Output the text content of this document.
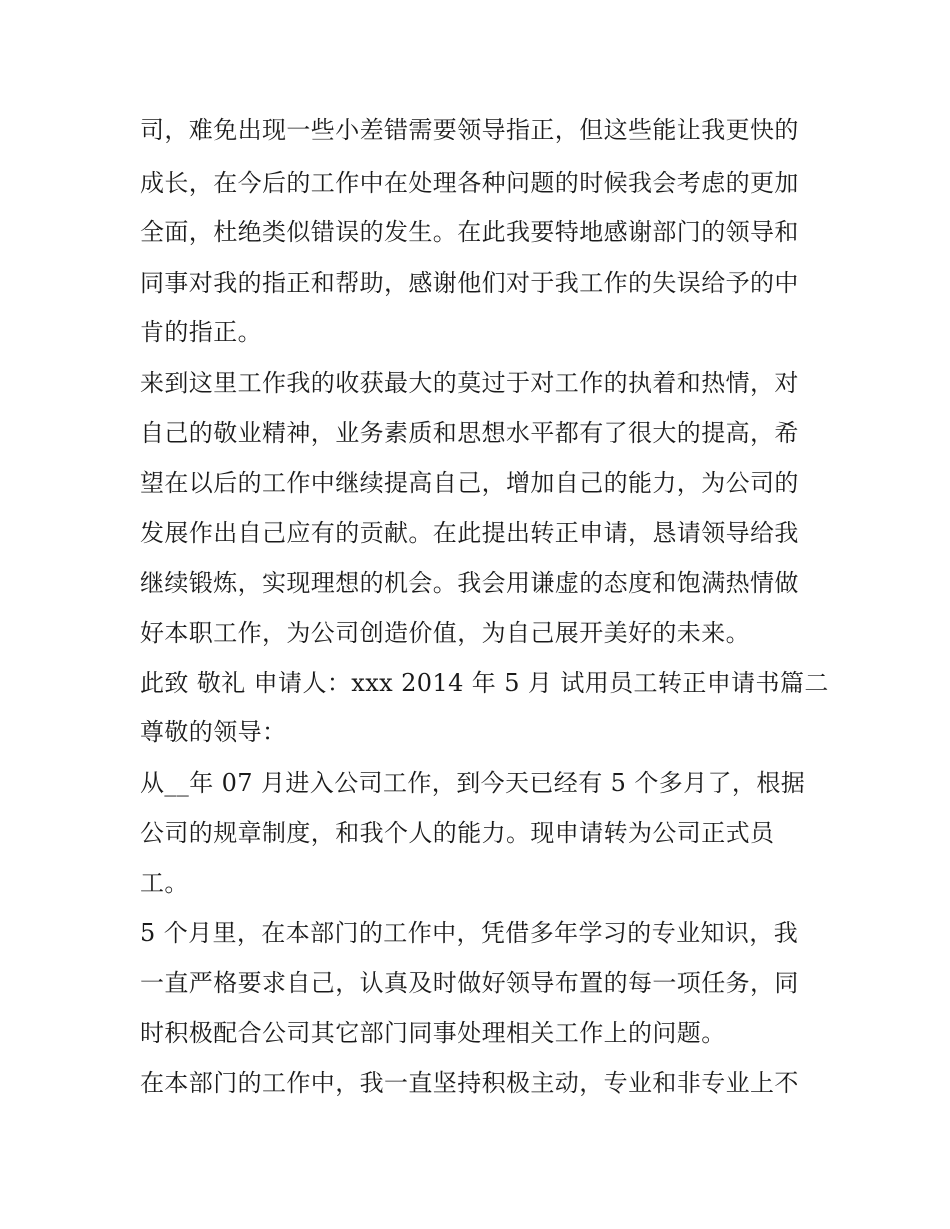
司，难免出现一些小差错需要领导指正，但这些能让我更快的
成长，在今后的工作中在处理各种问题的时候我会考虑的更加
全面，杜绝类似错误的发生。在此我要特地感谢部门的领导和
同事对我的指正和帮助，感谢他们对于我工作的失误给予的中
肯的指正。
来到这里工作我的收获最大的莫过于对工作的执着和热情，对
自己的敬业精神，业务素质和思想水平都有了很大的提高，希
望在以后的工作中继续提高自己，增加自己的能力，为公司的
发展作出自己应有的贡献。在此提出转正申请，恳请领导给我
继续锻炼，实现理想的机会。我会用谦虚的态度和饱满热情做
好本职工作，为公司创造价值，为自己展开美好的未来。
此致 敬礼 申请人：xxx 2014 年 5 月 试用员工转正申请书篇二
尊敬的领导：
从__年 07 月进入公司工作，到今天已经有 5 个多月了，根据
公司的规章制度，和我个人的能力。现申请转为公司正式员
工。
5 个月里，在本部门的工作中，凭借多年学习的专业知识，我
一直严格要求自己，认真及时做好领导布置的每一项任务，同
时积极配合公司其它部门同事处理相关工作上的问题。
在本部门的工作中，我一直坚持积极主动，专业和非专业上不
